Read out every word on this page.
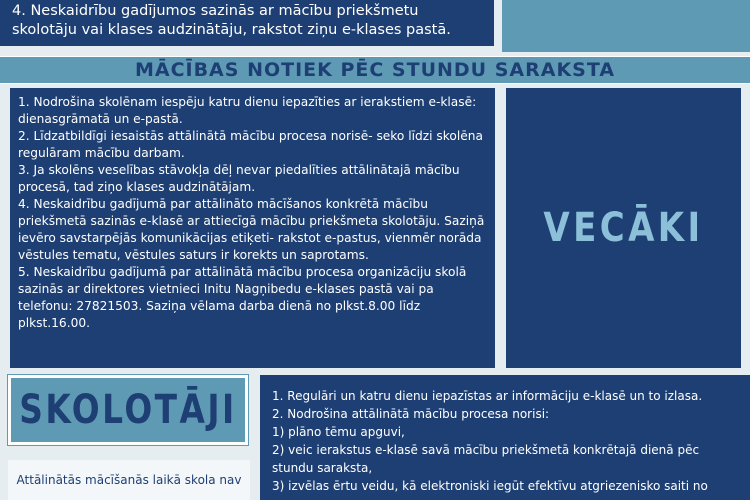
4. Neskaidrību gadījumos sazinās ar mācību priekšmetu skolotāju vai klases audzinātāju, rakstot ziņu e-klases pastā.

MĀCĪBAS NOTIEK PĒC STUNDU SARAKSTA

1. Nodrošina skolēnam iespēju katru dienu iepazīties ar ierakstiem e-klasē: dienasgrāmatā un e-pastā.

2. Līdzatbildīgi iesaistās attālinātā mācību procesa norisē- seko līdzi skolēna regulāram mācību darbam.

3. Ja skolēns veselības stāvokļa dēļ nevar piedalīties attālinātajā mācību procesā, tad ziņo klases audzinātājam.

4. Neskaidrību gadījumā par attālināto mācīšanos konkrētā mācību priekšmetā sazinās e-klasē ar attiecīgā mācību priekšmeta skolotāju. Saziņā ievēro savstarpējās komunikācijas etiķeti- rakstot e-pastus, vienmēr norāda vēstules tematu, vēstules saturs ir korekts un saprotams.

5. Neskaidrību gadījumā par attālinātā mācību procesa organizāciju skolā sazinās ar direktores vietnieci Initu Nagņibedu e-klases pastā vai pa telefonu: 27821503. Saziņa vēlama darba dienā no plkst.8.00 līdz plkst.16.00.

VECĀKI
SKOLOTĀJI

Attālinātās mācīšanās laikā skola nav

1. Regulāri un katru dienu iepazīstas ar informāciju e-klasē un to izlasa.

2. Nodrošina attālinātā mācību procesa norisi:

1) plāno tēmu apguvi,

2) veic ierakstus e-klasē savā mācību priekšmetā konkrētajā dienā pēc stundu saraksta,

3) izvēlas ērtu veidu, kā elektroniski iegūt efektīvu atgriezenisko saiti no
